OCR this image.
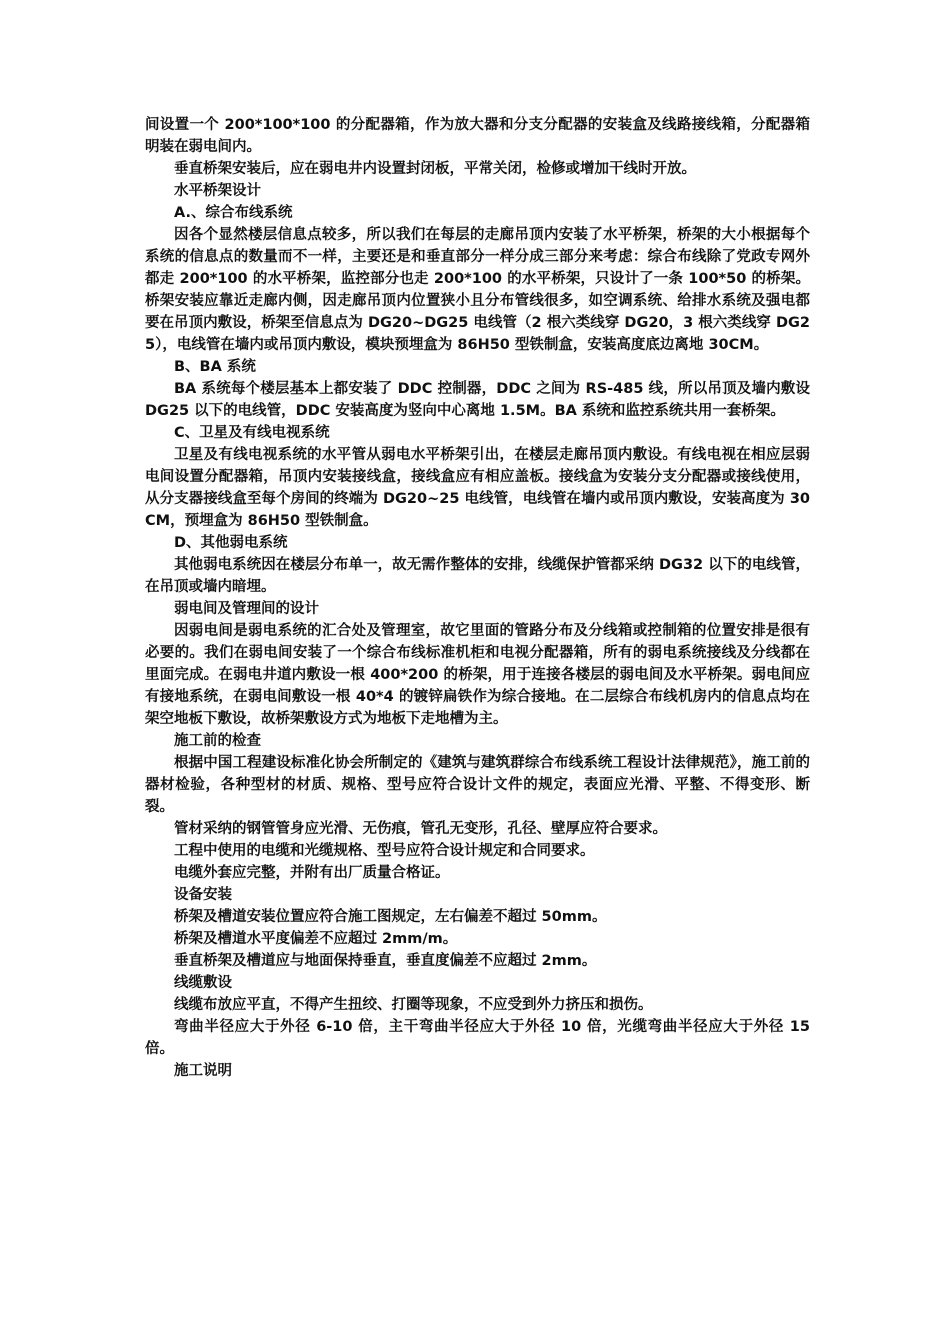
间设置一个 200*100*100 的分配器箱，作为放大器和分支分配器的安装盒及线路接线箱，分配器箱明装在弱电间内。

垂直桥架安装后，应在弱电井内设置封闭板，平常关闭，检修或增加干线时开放。

水平桥架设计

A.、综合布线系统

因各个显然楼层信息点较多，所以我们在每层的走廊吊顶内安装了水平桥架，桥架的大小根据每个系统的信息点的数量而不一样，主要还是和垂直部分一样分成三部分来考虑：综合布线除了党政专网外都走 200*100 的水平桥架，监控部分也走 200*100 的水平桥架，只设计了一条 100*50 的桥架。桥架安装应靠近走廊内侧，因走廊吊顶内位置狭小且分布管线很多，如空调系统、给排水系统及强电都要在吊顶内敷设，桥架至信息点为 DG20~DG25 电线管（2 根六类线穿 DG20，3 根六类线穿 DG25），电线管在墙内或吊顶内敷设，模块预埋盒为 86H50 型铁制盒，安装高度底边离地 30CM。

B、BA 系统

BA 系统每个楼层基本上都安装了 DDC 控制器，DDC 之间为 RS-485 线，所以吊顶及墙内敷设 DG25 以下的电线管，DDC 安装高度为竖向中心离地 1.5M。BA 系统和监控系统共用一套桥架。

C、卫星及有线电视系统

卫星及有线电视系统的水平管从弱电水平桥架引出，在楼层走廊吊顶内敷设。有线电视在相应层弱电间设置分配器箱，吊顶内安装接线盒，接线盒应有相应盖板。接线盒为安装分支分配器或接线使用，从分支器接线盒至每个房间的终端为 DG20~25 电线管，电线管在墙内或吊顶内敷设，安装高度为 30CM，预埋盒为 86H50 型铁制盒。

D、其他弱电系统

其他弱电系统因在楼层分布单一，故无需作整体的安排，线缆保护管都采纳 DG32 以下的电线管，在吊顶或墙内暗埋。

弱电间及管理间的设计

因弱电间是弱电系统的汇合处及管理室，故它里面的管路分布及分线箱或控制箱的位置安排是很有必要的。我们在弱电间安装了一个综合布线标准机柜和电视分配器箱，所有的弱电系统接线及分线都在里面完成。在弱电井道内敷设一根 400*200 的桥架，用于连接各楼层的弱电间及水平桥架。弱电间应有接地系统，在弱电间敷设一根 40*4 的镀锌扁铁作为综合接地。在二层综合布线机房内的信息点均在架空地板下敷设，故桥架敷设方式为地板下走地槽为主。

施工前的检查

根据中国工程建设标准化协会所制定的《建筑与建筑群综合布线系统工程设计法律规范》，施工前的器材检验，各种型材的材质、规格、型号应符合设计文件的规定，表面应光滑、平整、不得变形、断裂。

管材采纳的钢管管身应光滑、无伤痕，管孔无变形，孔径、壁厚应符合要求。

工程中使用的电缆和光缆规格、型号应符合设计规定和合同要求。

电缆外套应完整，并附有出厂质量合格证。

设备安装

桥架及槽道安装位置应符合施工图规定，左右偏差不超过 50mm。

桥架及槽道水平度偏差不应超过 2mm/m。

垂直桥架及槽道应与地面保持垂直，垂直度偏差不应超过 2mm。

线缆敷设

线缆布放应平直，不得产生扭绞、打圈等现象，不应受到外力挤压和损伤。

弯曲半径应大于外径 6-10 倍，主干弯曲半径应大于外径 10 倍，光缆弯曲半径应大于外径 15 倍。

施工说明
